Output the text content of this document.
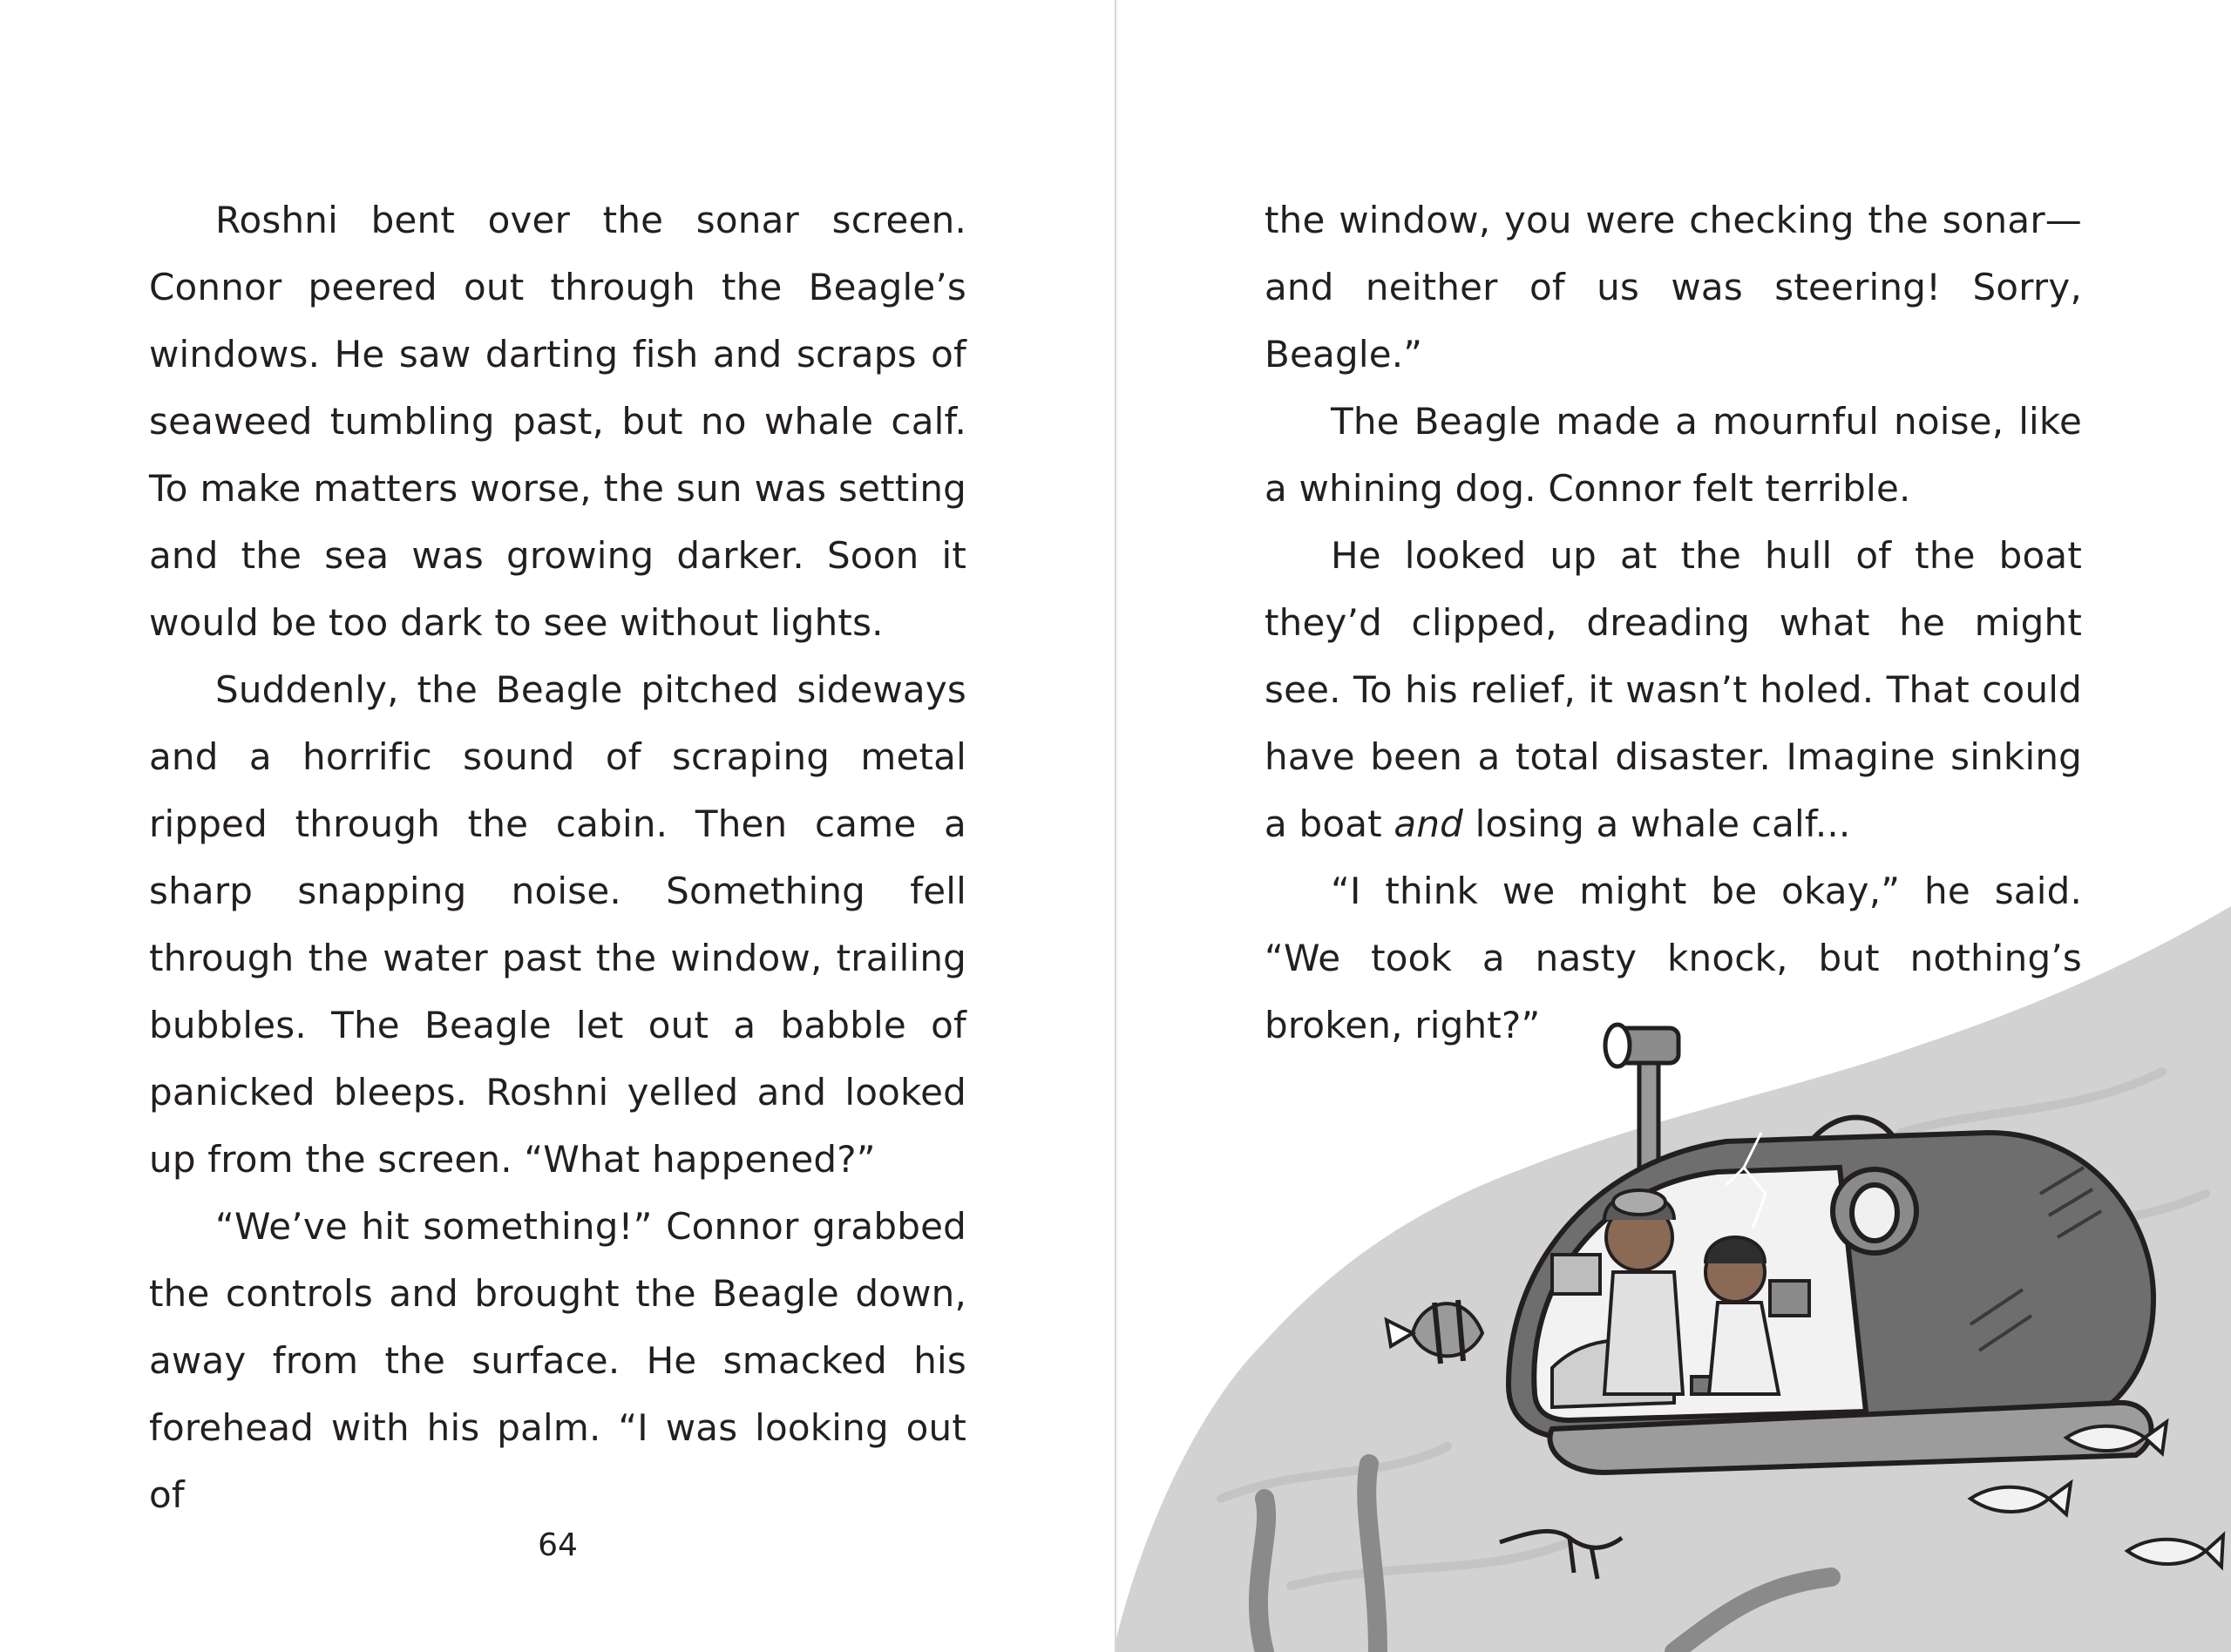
Roshni bent over the sonar screen. Connor peered out through the Beagle’s windows. He saw darting fish and scraps of seaweed tumbling past, but no whale calf. To make matters worse, the sun was setting and the sea was growing darker. Soon it would be too dark to see without lights.

Suddenly, the Beagle pitched sideways and a horrific sound of scraping metal ripped through the cabin. Then came a sharp snapping noise. Something fell through the water past the window, trailing bubbles. The Beagle let out a babble of panicked bleeps. Roshni yelled and looked up from the screen. “What happened?”

“We’ve hit something!” Connor grabbed the controls and brought the Beagle down, away from the surface. He smacked his forehead with his palm. “I was looking out of

64

the window, you were checking the sonar—and neither of us was steering! Sorry, Beagle.”

The Beagle made a mournful noise, like a whining dog. Connor felt terrible.

He looked up at the hull of the boat they’d clipped, dreading what he might see. To his relief, it wasn’t holed. That could have been a total disaster. Imagine sinking a boat and losing a whale calf...

“I think we might be okay,” he said. “We took a nasty knock, but nothing’s broken, right?”
